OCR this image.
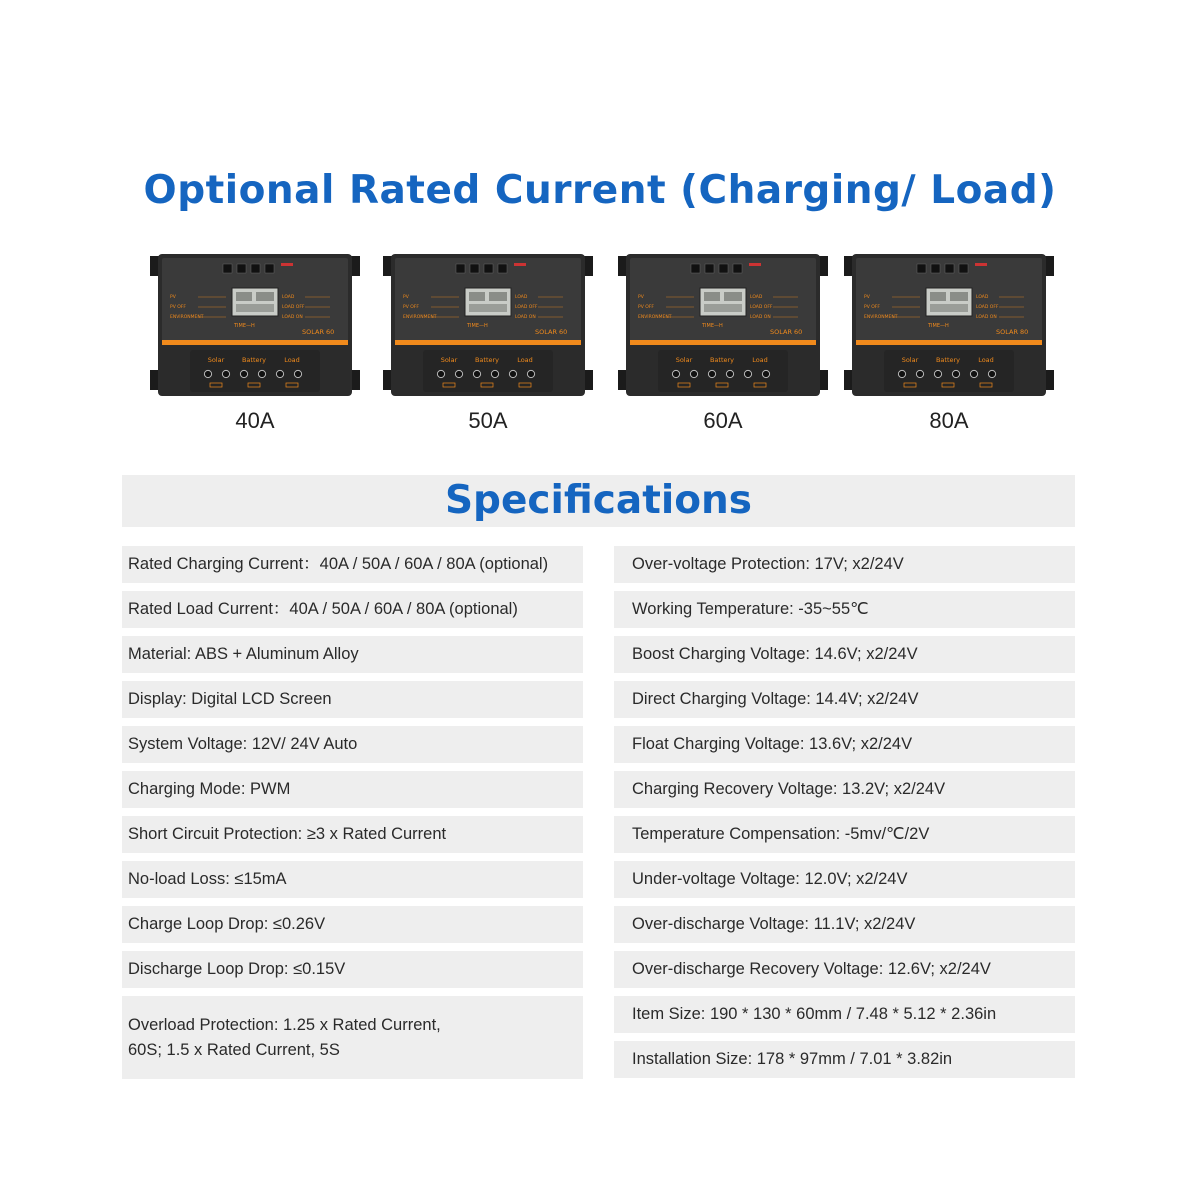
Optional Rated Current (Charging/ Load)
PV
PV OFF
ENVIRONMENT
LOAD
LOAD OFF
LOAD ON
TIME—H
SOLAR 60
Solar	Battery	Load
40A
PV
PV OFF
ENVIRONMENT
LOAD
LOAD OFF
LOAD ON
TIME—H
SOLAR 60
Solar	Battery	Load
50A
PV
PV OFF
ENVIRONMENT
LOAD
LOAD OFF
LOAD ON
TIME—H
SOLAR 60
Solar	Battery	Load
60A
PV
PV OFF
ENVIRONMENT
LOAD
LOAD OFF
LOAD ON
TIME—H
SOLAR 80
Solar	Battery	Load
80A
Specifications
Rated Charging Current：40A / 50A / 60A / 80A (optional)
Rated Load Current：40A / 50A / 60A / 80A (optional)
Material: ABS + Aluminum Alloy
Display: Digital LCD Screen
System Voltage: 12V/ 24V Auto
Charging Mode: PWM
Short Circuit Protection: ≥3 x Rated Current
No-load Loss: ≤15mA
Charge Loop Drop: ≤0.26V
Discharge Loop Drop: ≤0.15V
Overload Protection: 1.25 x Rated Current,
60S; 1.5 x Rated Current, 5S
Over-voltage Protection: 17V; x2/24V
Working Temperature: -35~55℃
Boost Charging Voltage: 14.6V; x2/24V
Direct Charging Voltage: 14.4V; x2/24V
Float Charging Voltage: 13.6V; x2/24V
Charging Recovery Voltage: 13.2V; x2/24V
Temperature Compensation: -5mv/℃/2V
Under-voltage Voltage: 12.0V; x2/24V
Over-discharge Voltage: 11.1V; x2/24V
Over-discharge Recovery Voltage: 12.6V; x2/24V
Item Size: 190 * 130 * 60mm / 7.48 * 5.12 * 2.36in
Installation Size: 178 * 97mm / 7.01 * 3.82in
